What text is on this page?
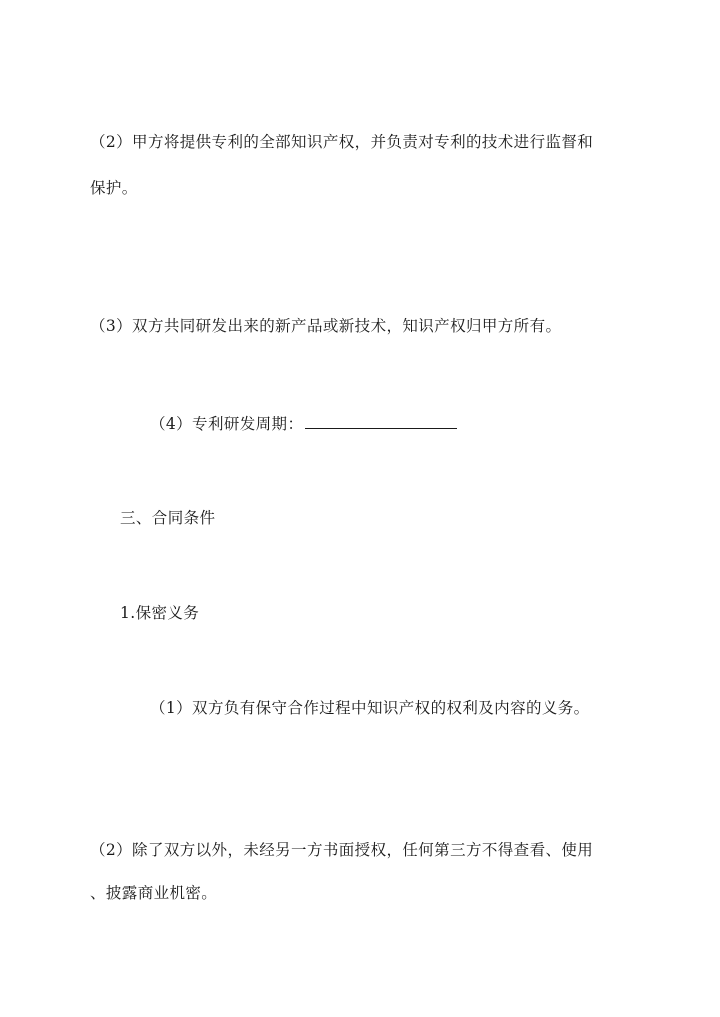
（2）甲方将提供专利的全部知识产权，并负责对专利的技术进行监督和

保护。

（3）双方共同研发出来的新产品或新技术，知识产权归甲方所有。

（4）专利研发周期：

三、合同条件

1.保密义务

（1）双方负有保守合作过程中知识产权的权利及内容的义务。

（2）除了双方以外，未经另一方书面授权，任何第三方不得查看、使用

、披露商业机密。
